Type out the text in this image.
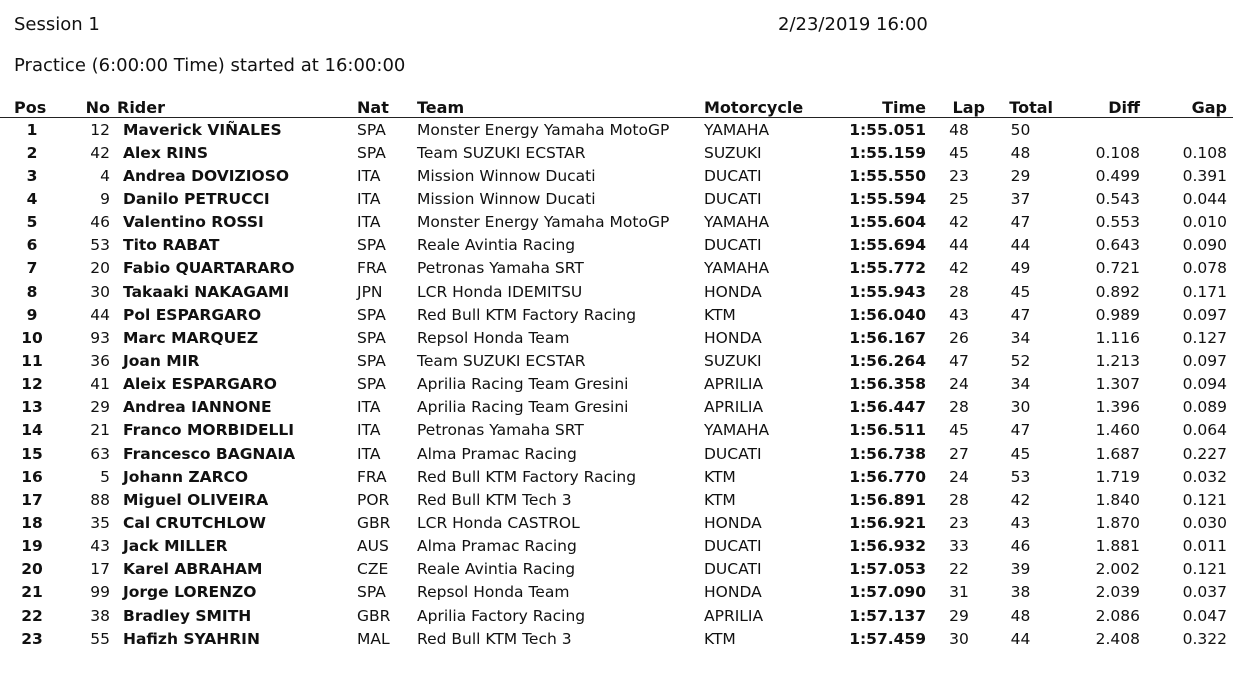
Session 1	2/23/2019 16:00
Practice (6:00:00 Time) started at 16:00:00
Pos	No	Rider	Nat	Team	Motorcycle	Time	Lap	Total	Diff	Gap
1	12	Maverick VIÑALES	SPA	Monster Energy Yamaha MotoGP	YAMAHA	1:55.051	48	50		
2	42	Alex RINS	SPA	Team SUZUKI ECSTAR	SUZUKI	1:55.159	45	48	0.108	0.108
3	4	Andrea DOVIZIOSO	ITA	Mission Winnow Ducati	DUCATI	1:55.550	23	29	0.499	0.391
4	9	Danilo PETRUCCI	ITA	Mission Winnow Ducati	DUCATI	1:55.594	25	37	0.543	0.044
5	46	Valentino ROSSI	ITA	Monster Energy Yamaha MotoGP	YAMAHA	1:55.604	42	47	0.553	0.010
6	53	Tito RABAT	SPA	Reale Avintia Racing	DUCATI	1:55.694	44	44	0.643	0.090
7	20	Fabio QUARTARARO	FRA	Petronas Yamaha SRT	YAMAHA	1:55.772	42	49	0.721	0.078
8	30	Takaaki NAKAGAMI	JPN	LCR Honda IDEMITSU	HONDA	1:55.943	28	45	0.892	0.171
9	44	Pol ESPARGARO	SPA	Red Bull KTM Factory Racing	KTM	1:56.040	43	47	0.989	0.097
10	93	Marc MARQUEZ	SPA	Repsol Honda Team	HONDA	1:56.167	26	34	1.116	0.127
11	36	Joan MIR	SPA	Team SUZUKI ECSTAR	SUZUKI	1:56.264	47	52	1.213	0.097
12	41	Aleix ESPARGARO	SPA	Aprilia Racing Team Gresini	APRILIA	1:56.358	24	34	1.307	0.094
13	29	Andrea IANNONE	ITA	Aprilia Racing Team Gresini	APRILIA	1:56.447	28	30	1.396	0.089
14	21	Franco MORBIDELLI	ITA	Petronas Yamaha SRT	YAMAHA	1:56.511	45	47	1.460	0.064
15	63	Francesco BAGNAIA	ITA	Alma Pramac Racing	DUCATI	1:56.738	27	45	1.687	0.227
16	5	Johann ZARCO	FRA	Red Bull KTM Factory Racing	KTM	1:56.770	24	53	1.719	0.032
17	88	Miguel OLIVEIRA	POR	Red Bull KTM Tech 3	KTM	1:56.891	28	42	1.840	0.121
18	35	Cal CRUTCHLOW	GBR	LCR Honda CASTROL	HONDA	1:56.921	23	43	1.870	0.030
19	43	Jack MILLER	AUS	Alma Pramac Racing	DUCATI	1:56.932	33	46	1.881	0.011
20	17	Karel ABRAHAM	CZE	Reale Avintia Racing	DUCATI	1:57.053	22	39	2.002	0.121
21	99	Jorge LORENZO	SPA	Repsol Honda Team	HONDA	1:57.090	31	38	2.039	0.037
22	38	Bradley SMITH	GBR	Aprilia Factory Racing	APRILIA	1:57.137	29	48	2.086	0.047
23	55	Hafizh SYAHRIN	MAL	Red Bull KTM Tech 3	KTM	1:57.459	30	44	2.408	0.322
